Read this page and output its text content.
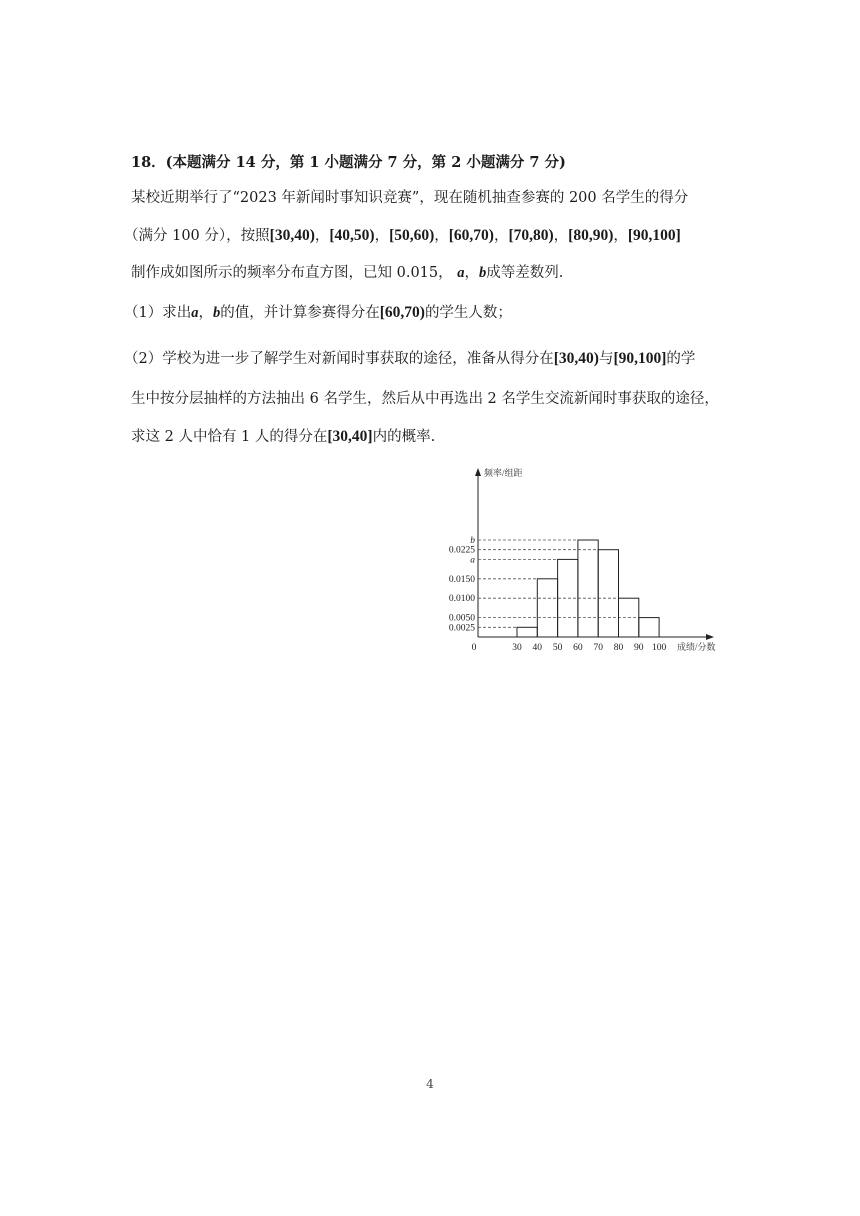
18．(本题满分 14 分，第 1 小题满分 7 分，第 2 小题满分 7 分)
某校近期举行了“2023 年新闻时事知识竞赛”，现在随机抽查参赛的 200 名学生的得分
（满分 100 分），按照[30,40)，[40,50)，[50,60)，[60,70)，[70,80)，[80,90)，[90,100]
制作成如图所示的频率分布直方图，已知 0.015， a，b成等差数列.
（1）求出a，b的值，并计算参赛得分在[60,70)的学生人数；
（2）学校为进一步了解学生对新闻时事获取的途径，准备从得分在[30,40)与[90,100]的学
生中按分层抽样的方法抽出 6 名学生，然后从中再选出 2 名学生交流新闻时事获取的途径，
求这 2 人中恰有 1 人的得分在[30,40]内的概率.
b
0.0225
a
0.0150
0.0100
0.0050
0.0025
0	30 40 50 60 70 80 90 100
频率/组距
成绩/分数
4
